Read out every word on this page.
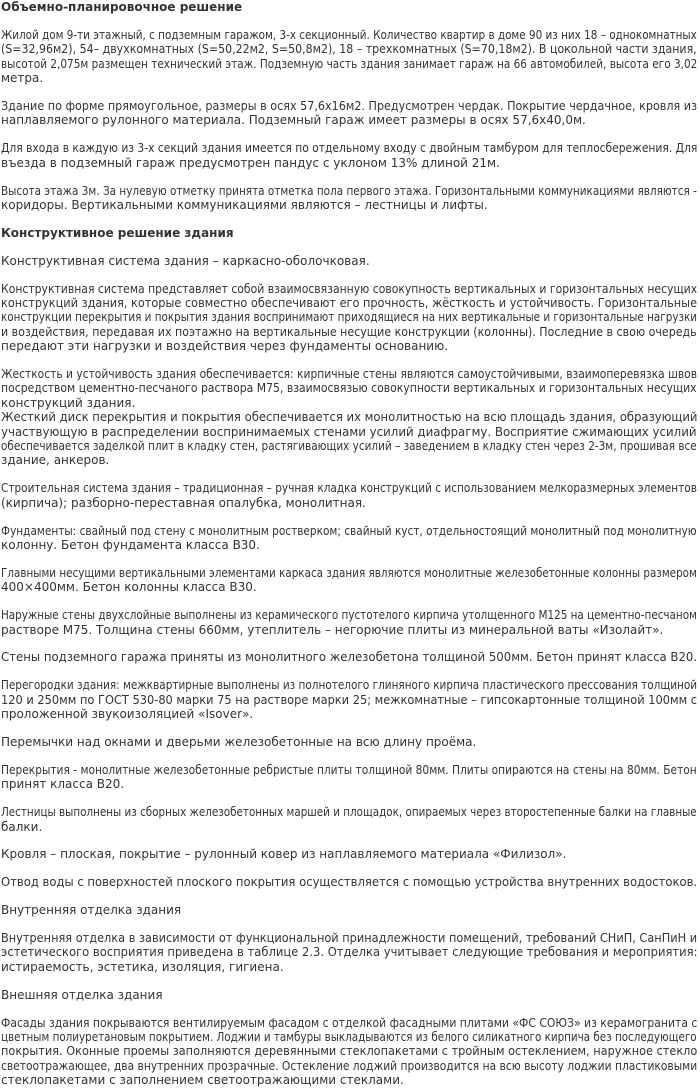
Объемно-планировочное решение
Жилой дом 9-ти этажный, с подземным гаражом, 3-х секционный. Количество квартир в доме 90 из них 18 – однокомнатных
(S=32,96м2), 54– двухкомнатных (S=50,22м2, S=50,8м2), 18 – трехкомнатных (S=70,18м2). В цокольной части здания,
высотой 2,075м размещен технический этаж. Подземную часть здания занимает гараж на 66 автомобилей, высота его 3,02
метра.
Здание по форме прямоугольное, размеры в осях 57,6х16м2. Предусмотрен чердак. Покрытие чердачное, кровля из
наплавляемого рулонного материала. Подземный гараж имеет размеры в осях 57,6х40,0м.
Для входа в каждую из 3-х секций здания имеется по отдельному входу с двойным тамбуром для теплосбережения. Для
въезда в подземный гараж предусмотрен пандус с уклоном 13% длиной 21м.
Высота этажа 3м. За нулевую отметку принята отметка пола первого этажа. Горизонтальными коммуникациями являются -
коридоры. Вертикальными коммуникациями являются – лестницы и лифты.
Конструктивное решение здания
Конструктивная система здания – каркасно-оболочковая.
Конструктивная система представляет собой взаимосвязанную совокупность вертикальных и горизонтальных несущих
конструкций здания, которые совместно обеспечивают его прочность, жёсткость и устойчивость. Горизонтальные
конструкции перекрытия и покрытия здания воспринимают приходящиеся на них вертикальные и горизонтальные нагрузки
и воздействия, передавая их поэтажно на вертикальные несущие конструкции (колонны). Последние в свою очередь
передают эти нагрузки и воздействия через фундаменты основанию.
Жесткость и устойчивость здания обеспечивается: кирпичные стены являются самоустойчивыми, взаимоперевязка швов
посредством цементно-песчаного раствора М75, взаимосвязью совокупности вертикальных и горизонтальных несущих
конструкций здания.
Жесткий диск перекрытия и покрытия обеспечивается их монолитностью на всю площадь здания, образующий
участвующую в распределении воспринимаемых стенами усилий диафрагму. Восприятие сжимающих усилий
обеспечивается заделкой плит в кладку стен, растягивающих усилий – заведением в кладку стен через 2-3м, прошивая все
здание, анкеров.
Строительная система здания – традиционная – ручная кладка конструкций с использованием мелкоразмерных элементов
(кирпича); разборно-переставная опалубка, монолитная.
Фундаменты: свайный под стену с монолитным ростверком; свайный куст, отдельностоящий монолитный под монолитную
колонну. Бетон фундамента класса В30.
Главными несущими вертикальными элементами каркаса здания являются монолитные железобетонные колонны размером
400×400мм. Бетон колонны класса В30.
Наружные стены двухслойные выполнены из керамического пустотелого кирпича утолщенного М125 на цементно-песчаном
растворе М75. Толщина стены 660мм, утеплитель – негорючие плиты из минеральной ваты «Изолайт».
Стены подземного гаража приняты из монолитного железобетона толщиной 500мм. Бетон принят класса В20.
Перегородки здания: межквартирные выполнены из полнотелого глиняного кирпича пластического прессования толщиной
120 и 250мм по ГОСТ 530-80 марки 75 на растворе марки 25; межкомнатные – гипсокартонные толщиной 100мм с
проложенной звукоизоляцией «Isover».
Перемычки над окнами и дверьми железобетонные на всю длину проёма.
Перекрытия - монолитные железобетонные ребристые плиты толщиной 80мм. Плиты опираются на стены на 80мм. Бетон
принят класса В20.
Лестницы выполнены из сборных железобетонных маршей и площадок, опираемых через второстепенные балки на главные
балки.
Кровля – плоская, покрытие – рулонный ковер из наплавляемого материала «Филизол».
Отвод воды с поверхностей плоского покрытия осуществляется с помощью устройства внутренних водостоков.
Внутренняя отделка здания
Внутренняя отделка в зависимости от функциональной принадлежности помещений, требований СНиП, СанПиН и
эстетического восприятия приведена в таблице 2.3. Отделка учитывает следующие требования и мероприятия:
истираемость, эстетика, изоляция, гигиена.
Внешняя отделка здания
Фасады здания покрываются вентилируемым фасадом с отделкой фасадными плитами «ФС СОЮЗ» из керамогранита с
цветным полиуретановым покрытием. Лоджии и тамбуры выкладываются из белого силикатного кирпича без последующего
покрытия. Оконные проемы заполняются деревянными стеклопакетами с тройным остеклением, наружное стекло
светоотражающее, два внутренних прозрачные. Остекление лоджий производится на всю высоту лоджии пластиковыми
стеклопакетами с заполнением светоотражающими стеклами.
